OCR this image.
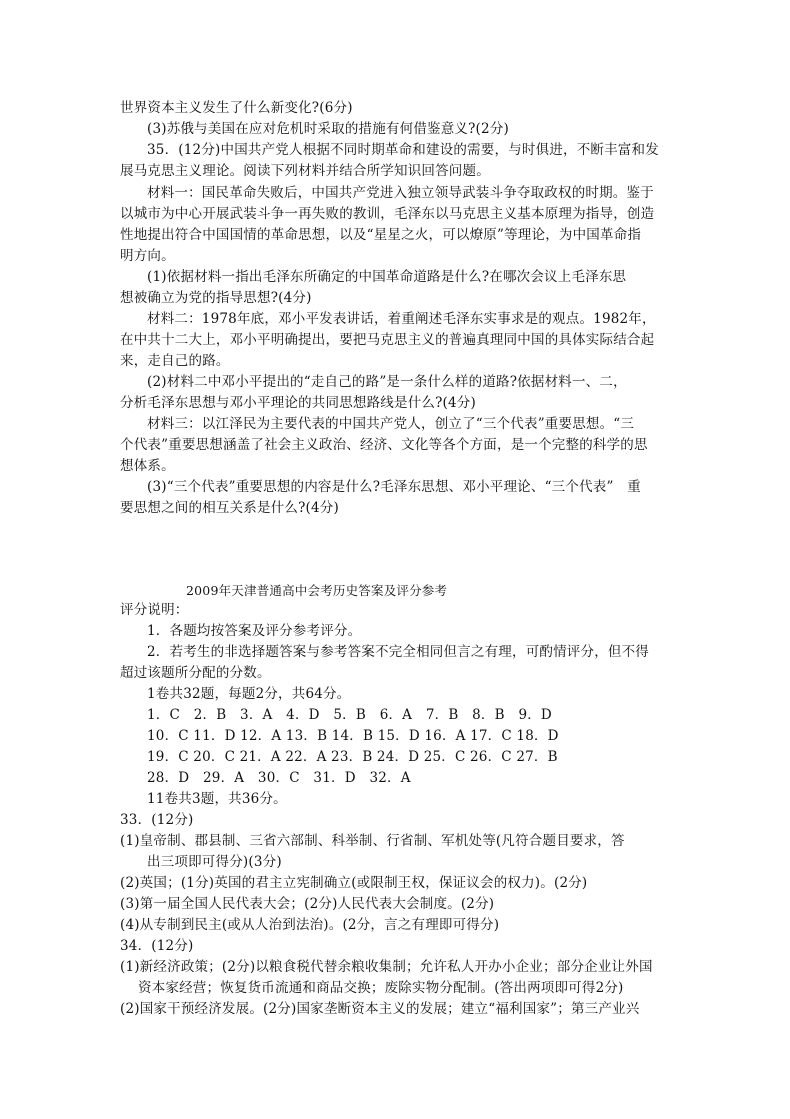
世界资本主义发生了什么新变化?(6分)
(3)苏俄与美国在应对危机时采取的措施有何借鉴意义?(2分)
35．(12分)中国共产党人根据不同时期革命和建设的需要，与时俱进，不断丰富和发
展马克思主义理论。阅读下列材料并结合所学知识回答问题。
材料一：国民革命失败后，中国共产党进入独立领导武装斗争夺取政权的时期。鉴于
以城市为中心开展武装斗争一再失败的教训，毛泽东以马克思主义基本原理为指导，创造
性地提出符合中国国情的革命思想，以及“星星之火，可以燎原”等理论，为中国革命指
明方向。
(1)依据材料一指出毛泽东所确定的中国革命道路是什么?在哪次会议上毛泽东思
想被确立为党的指导思想?(4分)
材料二：1978年底，邓小平发表讲话，着重阐述毛泽东实事求是的观点。1982年，
在中共十二大上，邓小平明确提出，要把马克思主义的普遍真理同中国的具体实际结合起
来，走自己的路。
(2)材料二中邓小平提出的“走自己的路”是一条什么样的道路?依据材料一、二，
分析毛泽东思想与邓小平理论的共同思想路线是什么?(4分)
材料三：以江泽民为主要代表的中国共产党人，创立了“三个代表”重要思想。“三
个代表”重要思想涵盖了社会主义政治、经济、文化等各个方面，是一个完整的科学的思
想体系。
(3)“三个代表”重要思想的内容是什么?毛泽东思想、邓小平理论、“三个代表”　重
要思想之间的相互关系是什么?(4分)
2009年天津普通高中会考历史答案及评分参考
评分说明：
1．各题均按答案及评分参考评分。
2．若考生的非选择题答案与参考答案不完全相同但言之有理，可酌情评分，但不得
超过该题所分配的分数。
1卷共32题，每题2分，共64分。
1．C　2．B　3．A　4．D　5．B　6．A　7．B　8．B　9．D
10．C 11．D 12．A 13．B 14．B 15．D 16．A 17．C 18．D
19．C 20．C 21．A 22．A 23．B 24．D 25．C 26．C 27．B
28．D　29．A　30．C　31．D　32．A
11卷共3题，共36分。
33．(12分)
(1)皇帝制、郡县制、三省六部制、科举制、行省制、军机处等(凡符合题目要求，答
出三项即可得分)(3分)
(2)英国；(1分)英国的君主立宪制确立(或限制王权，保证议会的权力)。(2分)
(3)第一届全国人民代表大会；(2分)人民代表大会制度。(2分)
(4)从专制到民主(或从人治到法治)。(2分，言之有理即可得分)
34．(12分)
(1)新经济政策；(2分)以粮食税代替余粮收集制；允许私人开办小企业；部分企业让外国
资本家经营；恢复货币流通和商品交换；废除实物分配制。(答出两项即可得2分)
(2)国家干预经济发展。(2分)国家垄断资本主义的发展；建立“福利国家”；第三产业兴
